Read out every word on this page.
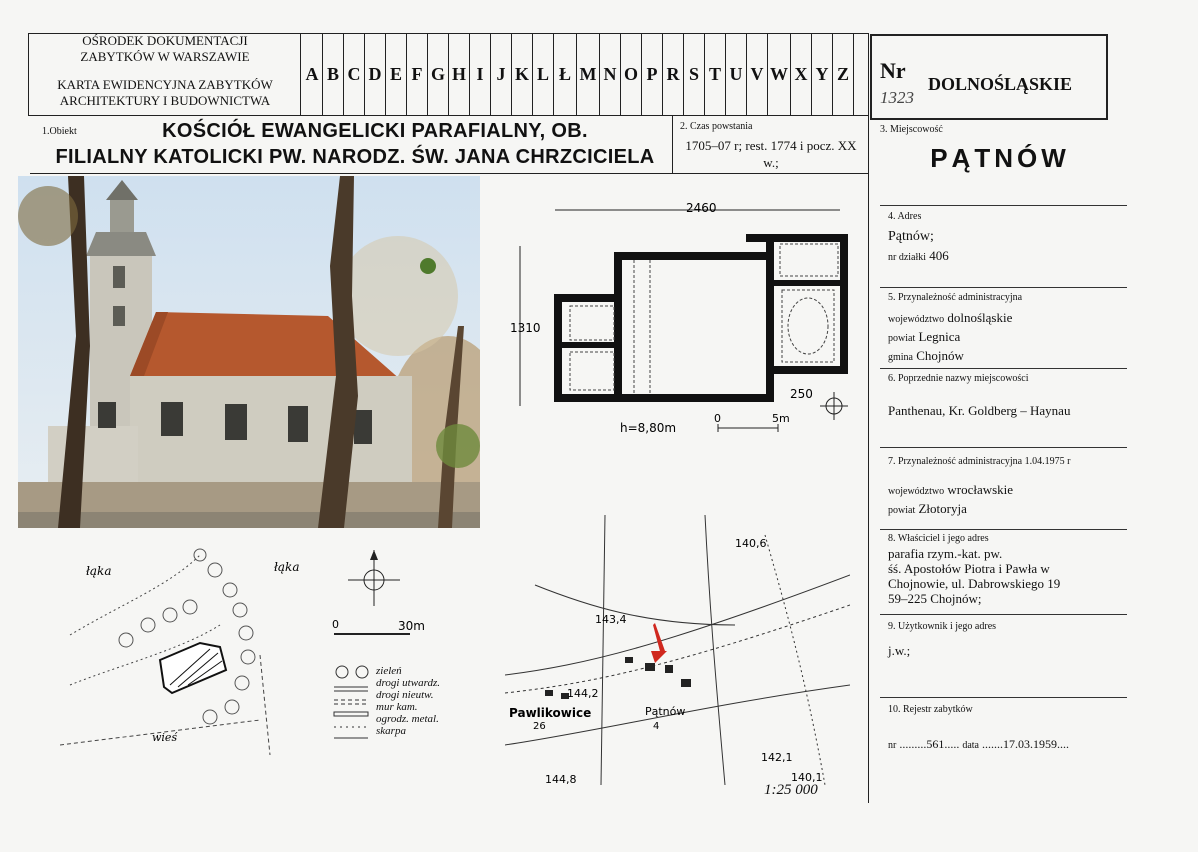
OŚRODEK DOKUMENTACJI
ZABYTKÓW W WARSZAWIE
KARTA EWIDENCYJNA ZABYTKÓW
ARCHITEKTURY I BUDOWNICTWA
A B C D E F G H I J K L Ł M N O P R S T U V W X Y Z Nr
1323
DOLNOŚLĄSKIE
1.Obiekt	KOŚCIÓŁ EWANGELICKI PARAFIALNY, OB.
FILIALNY KATOLICKI PW. NARODZ. ŚW. JANA CHRZCICIELA
2. Czas powstania
1705–07 r; rest. 1774 i pocz. XX
w.;
3. Miejscowość
PĄTNÓW
4. Adres
Pątnów;
nr działki 406
5. Przynależność administracyjna
województwo dolnośląskie
powiat Legnica
gmina Chojnów
6. Poprzednie nazwy miejscowości
Panthenau, Kr. Goldberg – Haynau
7. Przynależność administracyjna 1.04.1975 r
województwo wrocławskie
powiat Złotoryja
8. Właściciel i jego adres
parafia rzym.-kat. pw.
śś. Apostołów Piotra i Pawła w
Chojnowie, ul. Dabrowskiego 19
59–225 Chojnów;
9. Użytkownik i jego adres
j.w.;
10. Rejestr zabytków
nr .........561..... data .......17.03.1959....
2460
1310
250
h=8,80m
0	5m
łąka	łąka
wieś
0	30m
zieleń
drogi utwardz.
drogi nieutw.
mur kam.
ogrodz. metal.
skarpa
140,6
143,4
144,2
142,1
144,8	140,1
Pawlikowice
26
Pątnów
4
1:25 000
